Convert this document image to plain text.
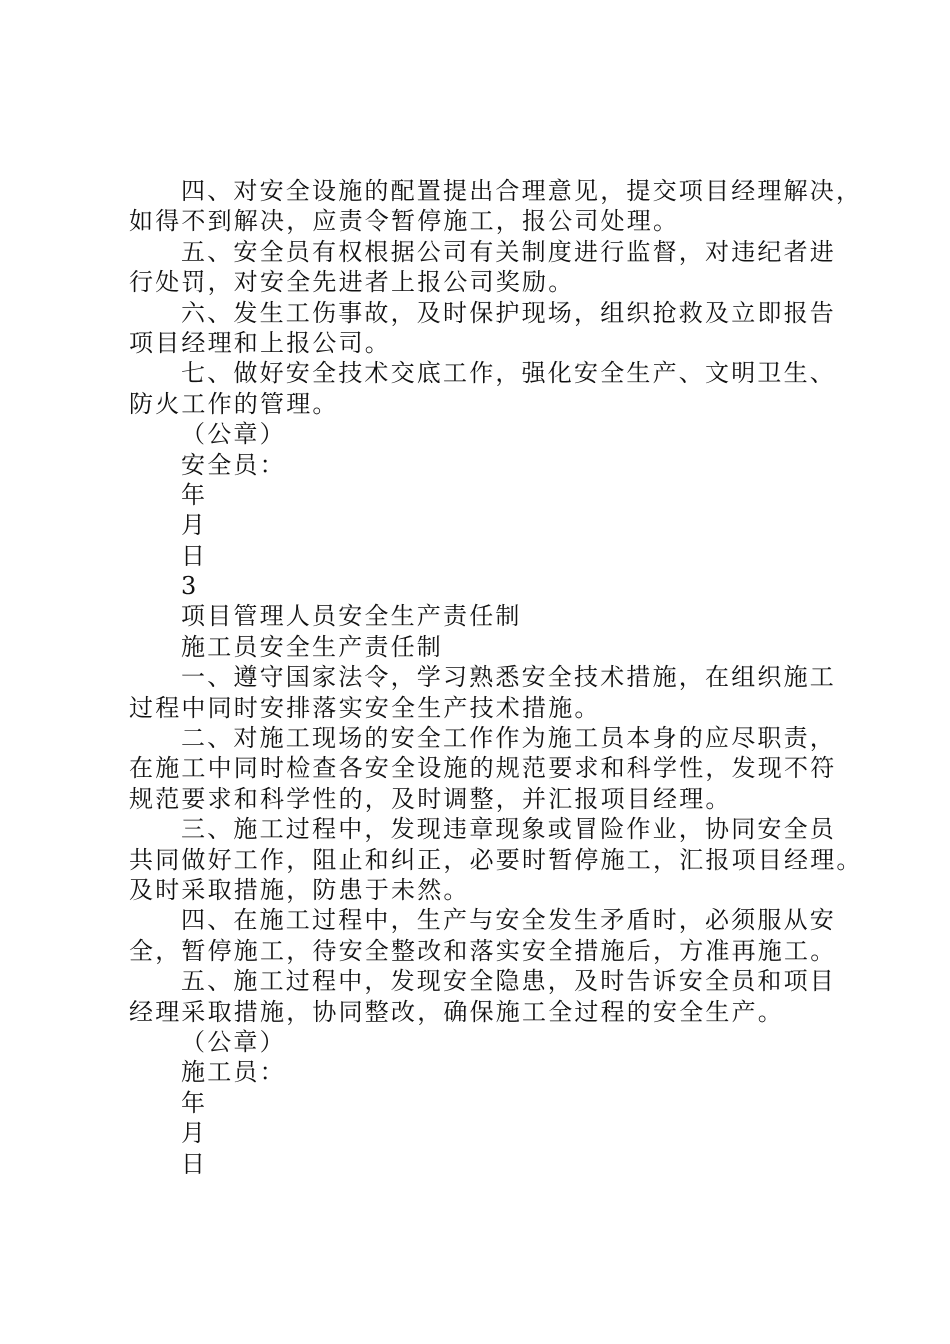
四、对安全设施的配置提出合理意见，提交项目经理解决，
如得不到解决，应责令暂停施工，报公司处理。
五、安全员有权根据公司有关制度进行监督，对违纪者进
行处罚，对安全先进者上报公司奖励。
六、发生工伤事故，及时保护现场，组织抢救及立即报告
项目经理和上报公司。
七、做好安全技术交底工作，强化安全生产、文明卫生、
防火工作的管理。
（公章）
安全员：
年
月
日
3
项目管理人员安全生产责任制
施工员安全生产责任制
一、遵守国家法令，学习熟悉安全技术措施，在组织施工
过程中同时安排落实安全生产技术措施。
二、对施工现场的安全工作作为施工员本身的应尽职责，
在施工中同时检查各安全设施的规范要求和科学性，发现不符
规范要求和科学性的，及时调整，并汇报项目经理。
三、施工过程中，发现违章现象或冒险作业，协同安全员
共同做好工作，阻止和纠正，必要时暂停施工，汇报项目经理。
及时采取措施，防患于未然。
四、在施工过程中，生产与安全发生矛盾时，必须服从安
全，暂停施工，待安全整改和落实安全措施后，方准再施工。
五、施工过程中，发现安全隐患，及时告诉安全员和项目
经理采取措施，协同整改，确保施工全过程的安全生产。
（公章）
施工员：
年
月
日
